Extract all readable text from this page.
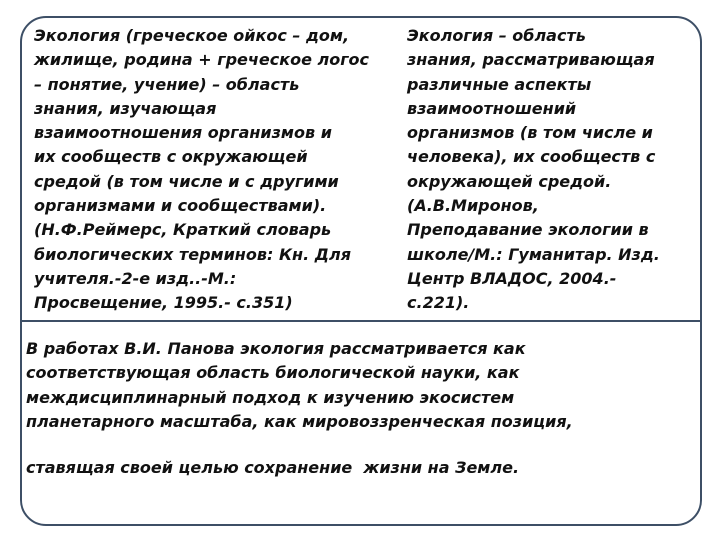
Экология (греческое ойкос – дом,
жилище, родина + греческое логос
– понятие, учение) – область
знания, изучающая
взаимоотношения организмов и
их сообществ с окружающей
средой (в том числе и с другими
организмами и сообществами).
(Н.Ф.Реймерс, Краткий словарь
биологических терминов: Кн. Для
учителя.-2-е изд..-М.:
Просвещение, 1995.- с.351)

Экология – область
знания, рассматривающая
различные аспекты
взаимоотношений
организмов (в том числе и
человека), их сообществ с
окружающей средой.
(А.В.Миронов,
Преподавание экологии в
школе/М.: Гуманитар. Изд.
Центр ВЛАДОС, 2004.-
с.221).

В работах В.И. Панова экология рассматривается как
соответствующая область биологической науки, как
междисциплинарный подход к изучению экосистем
планетарного масштаба, как мировоззренческая позиция,

ставящая своей целью сохранение  жизни на Земле.
